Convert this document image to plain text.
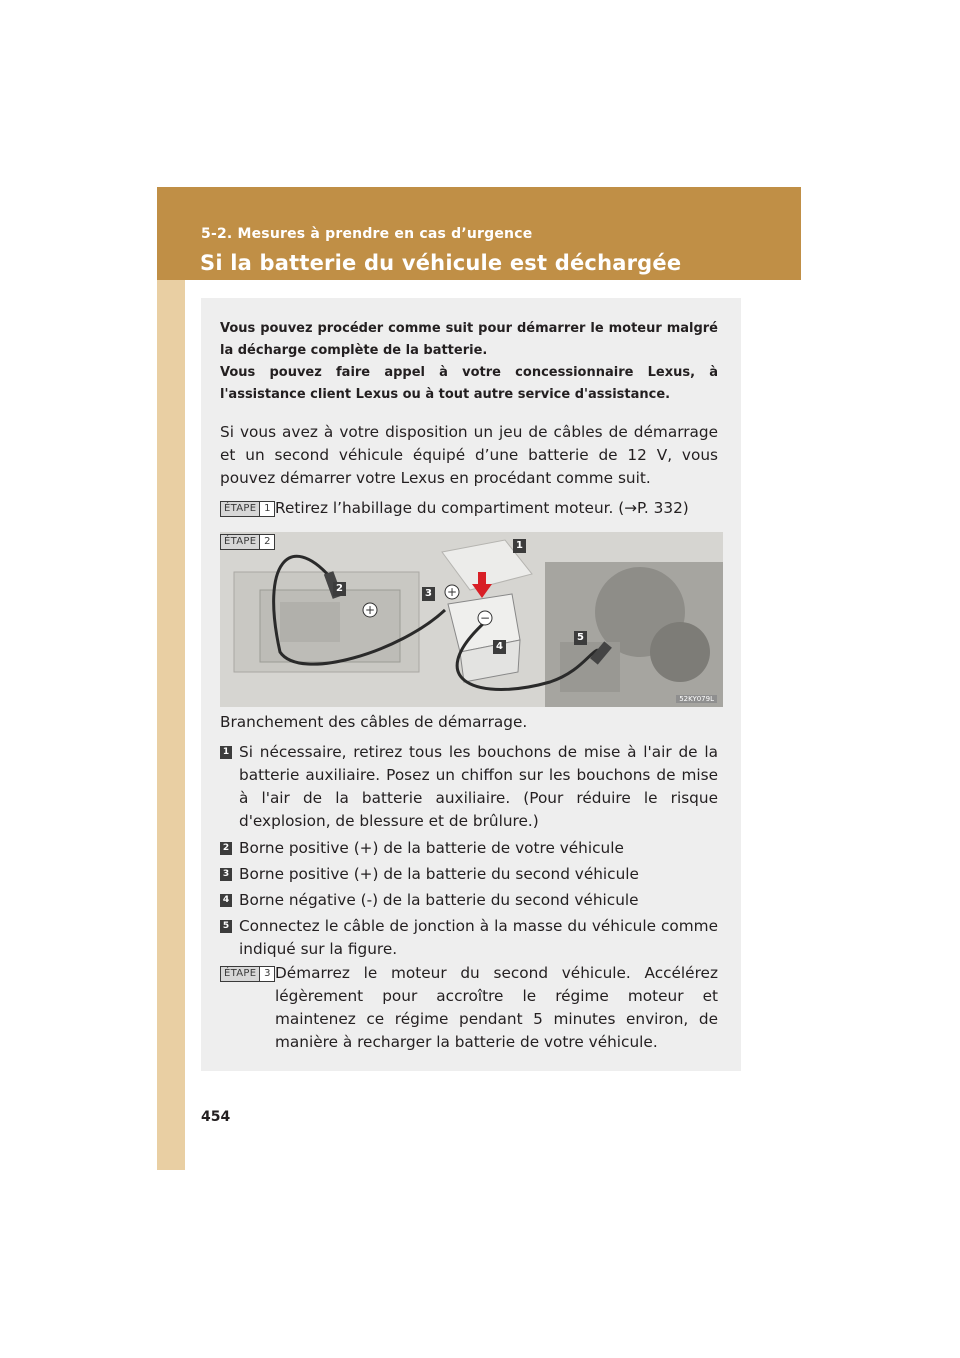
5-2. Mesures à prendre en cas d’urgence
Si la batterie du véhicule est déchargée
Vous pouvez procéder comme suit pour démarrer le moteur malgré la décharge complète de la batterie.
Vous pouvez faire appel à votre concessionnaire Lexus, à l'assistance client Lexus ou à tout autre service d'assistance.
Si vous avez à votre disposition un jeu de câbles de démarrage et un second véhicule équipé d’une batterie de 12 V, vous pouvez démarrer votre Lexus en procédant comme suit.
ÉTAPE 1 Retirez l’habillage du compartiment moteur. (→P. 332)
+
+
−
1
2	3
4
5
52KY079L
ÉTAPE 2
Branchement des câbles de démarrage.
1 Si nécessaire, retirez tous les bouchons de mise à l'air de la batterie auxiliaire. Posez un chiffon sur les bouchons de mise à l'air de la batterie auxiliaire. (Pour réduire le risque d'explosion, de blessure et de brûlure.)
2 Borne positive (+) de la batterie de votre véhicule
3 Borne positive (+) de la batterie du second véhicule
4 Borne négative (-) de la batterie du second véhicule
5 Connectez le câble de jonction à la masse du véhicule comme indiqué sur la figure.
ÉTAPE 3 Démarrez le moteur du second véhicule. Accélérez légèrement pour accroître le régime moteur et maintenez ce régime pendant 5 minutes environ, de manière à recharger la batterie de votre véhicule.
454
